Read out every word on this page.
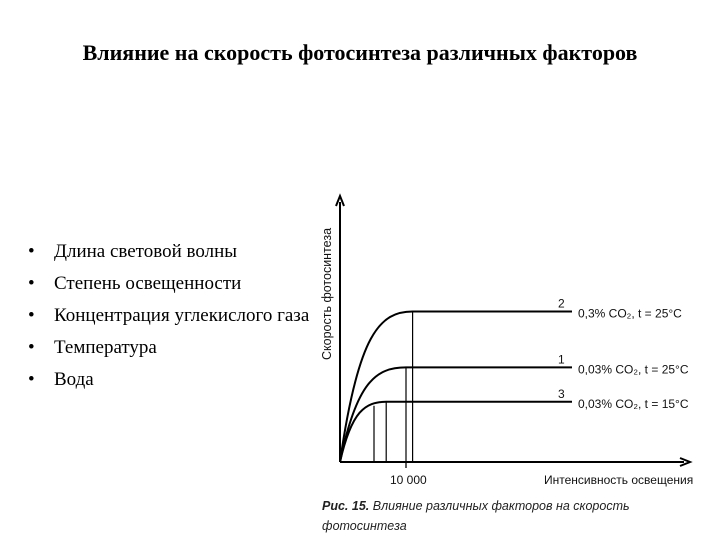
Влияние на скорость фотосинтеза различных факторов
• Длина световой волны
• Степень освещенности
• Концентрация углекислого газа
• Температура
• Вода
Скорость фотосинтеза
Интенсивность освещения
10 000
2
0,3% CO₂, t = 25°C
1
0,03% CO₂, t = 25°C
3
0,03% CO₂, t = 15°C
Рис. 15. Влияние различных факторов на скорость фотосинтеза
